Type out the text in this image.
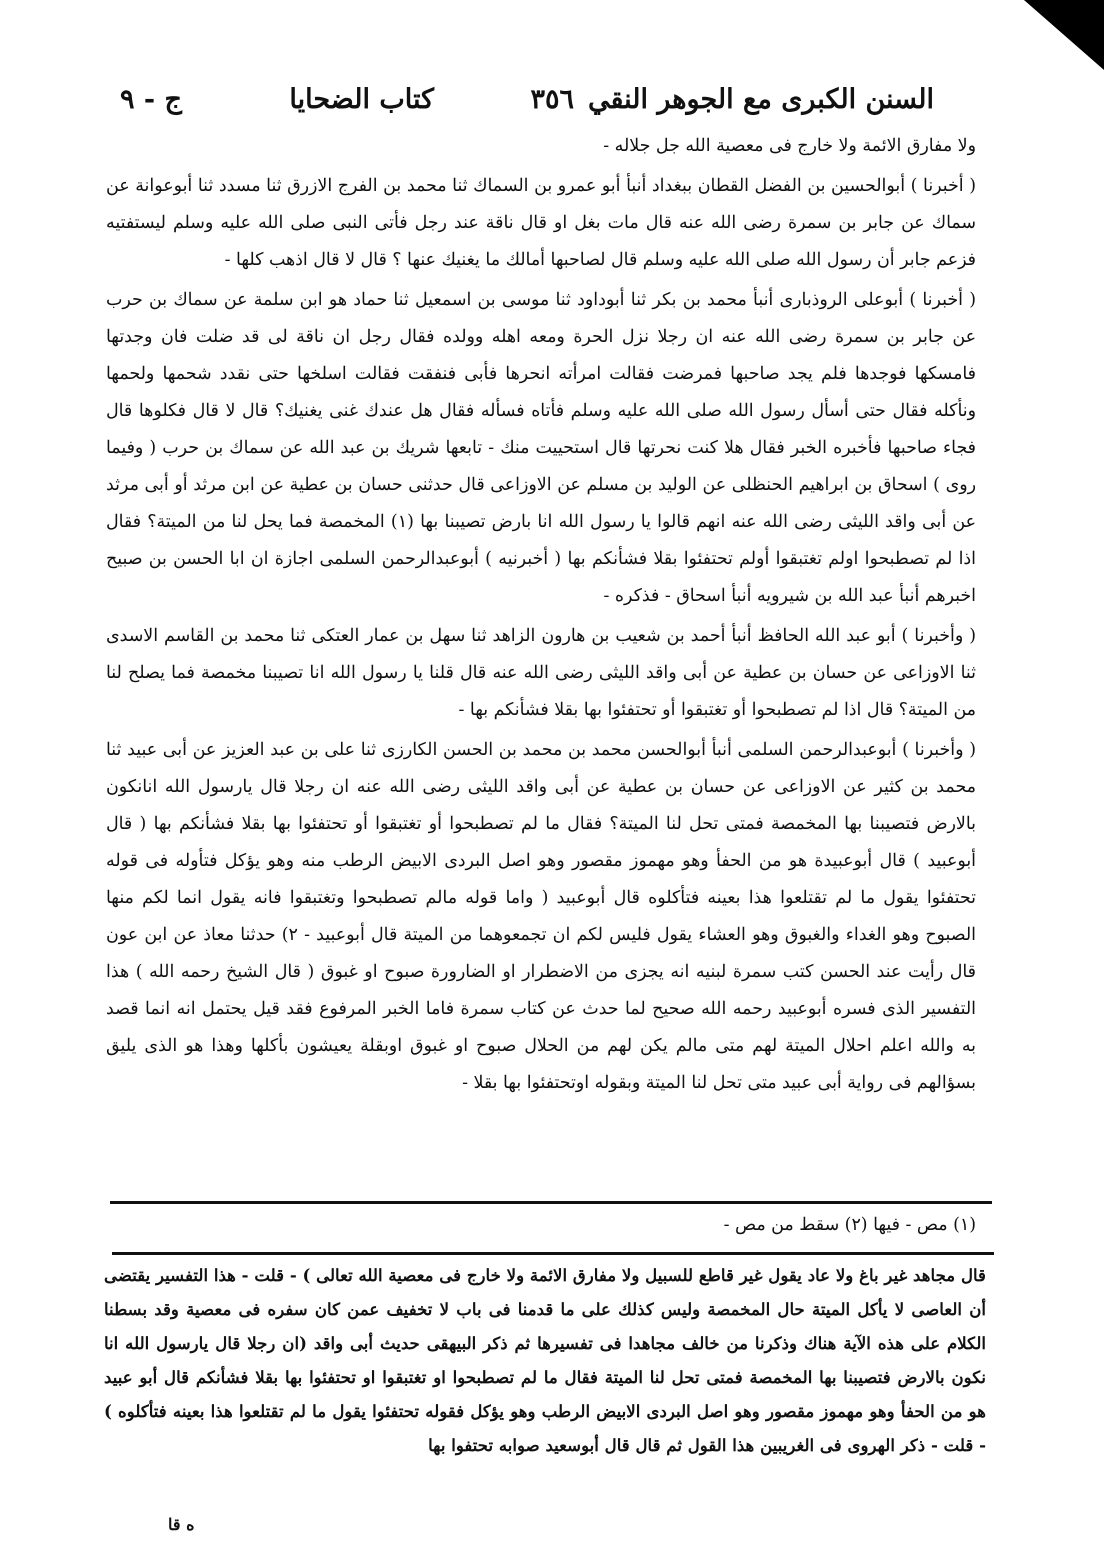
السنن الكبرى مع الجوهر النقي
٣٥٦
كتاب الضحايا
ج - ٩

ولا مفارق الائمة ولا خارج فى معصية الله جل جلاله -

( أخبرنا ) أبوالحسين بن الفضل القطان ببغداد أنبأ أبو عمرو بن السماك ثنا محمد بن الفرج الازرق ثنا مسدد ثنا أبوعوانة عن سماك عن جابر بن سمرة رضى الله عنه قال مات بغل او قال ناقة عند رجل فأتى النبى صلى الله عليه وسلم ليستفتيه فزعم جابر أن رسول الله صلى الله عليه وسلم قال لصاحبها أمالك ما يغنيك عنها ؟ قال لا قال اذهب كلها -

( أخبرنا ) أبوعلى الروذبارى أنبأ محمد بن بكر ثنا أبوداود ثنا موسى بن اسمعيل ثنا حماد هو ابن سلمة عن سماك بن حرب عن جابر بن سمرة رضى الله عنه ان رجلا نزل الحرة ومعه اهله وولده فقال رجل ان ناقة لى قد ضلت فان وجدتها فامسكها فوجدها فلم يجد صاحبها فمرضت فقالت امرأته انحرها فأبى فنفقت فقالت اسلخها حتى نقدد شحمها ولحمها ونأكله فقال حتى أسأل رسول الله صلى الله عليه وسلم فأتاه فسأله فقال هل عندك غنى يغنيك؟ قال لا قال فكلوها قال فجاء صاحبها فأخبره الخبر فقال هلا كنت نحرتها قال استحييت منك - تابعها شريك بن عبد الله عن سماك بن حرب ( وفيما روى ) اسحاق بن ابراهيم الحنظلى عن الوليد بن مسلم عن الاوزاعى قال حدثنى حسان بن عطية عن ابن مرثد أو أبى مرثد عن أبى واقد الليثى رضى الله عنه انهم قالوا يا رسول الله انا بارض تصيبنا بها (١) المخمصة فما يحل لنا من الميتة؟ فقال اذا لم تصطبحوا اولم تغتبقوا أولم تحتفئوا بقلا فشأنكم بها ( أخبرنيه ) أبوعبدالرحمن السلمى اجازة ان ابا الحسن بن صبيح اخبرهم أنبأ عبد الله بن شيرويه أنبأ اسحاق - فذكره -

( وأخبرنا ) أبو عبد الله الحافظ أنبأ أحمد بن شعيب بن هارون الزاهد ثنا سهل بن عمار العتكى ثنا محمد بن القاسم الاسدى ثنا الاوزاعى عن حسان بن عطية عن أبى واقد الليثى رضى الله عنه قال قلنا يا رسول الله انا تصيبنا مخمصة فما يصلح لنا من الميتة؟ قال اذا لم تصطبحوا أو تغتبقوا أو تحتفئوا بها بقلا فشأنكم بها -

( وأخبرنا ) أبوعبدالرحمن السلمى أنبأ أبوالحسن محمد بن محمد بن الحسن الكارزى ثنا على بن عبد العزيز عن أبى عبيد ثنا محمد بن كثير عن الاوزاعى عن حسان بن عطية عن أبى واقد الليثى رضى الله عنه ان رجلا قال يارسول الله انانكون بالارض فتصيبنا بها المخمصة فمتى تحل لنا الميتة؟ فقال ما لم تصطبحوا أو تغتبقوا أو تحتفئوا بها بقلا فشأنكم بها ( قال أبوعبيد ) قال أبوعبيدة هو من الحفأ وهو مهموز مقصور وهو اصل البردى الابيض الرطب منه وهو يؤكل فتأوله فى قوله تحتفئوا يقول ما لم تقتلعوا هذا بعينه فتأكلوه قال أبوعبيد ( واما قوله مالم تصطبحوا وتغتبقوا فانه يقول انما لكم منها الصبوح وهو الغداء والغبوق وهو العشاء يقول فليس لكم ان تجمعوهما من الميتة قال أبوعبيد - ٢) حدثنا معاذ عن ابن عون قال رأيت عند الحسن كتب سمرة لبنيه انه يجزى من الاضطرار او الضارورة صبوح او غبوق ( قال الشيخ رحمه الله ) هذا التفسير الذى فسره أبوعبيد رحمه الله صحيح لما حدث عن كتاب سمرة فاما الخبر المرفوع فقد قيل يحتمل انه انما قصد به والله اعلم احلال الميتة لهم متى مالم يكن لهم من الحلال صبوح او غبوق اوبقلة يعيشون بأكلها وهذا هو الذى يليق بسؤالهم فى رواية أبى عبيد متى تحل لنا الميتة وبقوله اوتحتفئوا بها بقلا -

(١) مص - فيها (٢) سقط من مص -
قال مجاهد غير باغ ولا عاد يقول غير قاطع للسبيل ولا مفارق الائمة ولا خارج فى معصية الله تعالى ) - قلت - هذا التفسير يقتضى أن العاصى لا يأكل الميتة حال المخمصة وليس كذلك على ما قدمنا فى باب لا تخفيف عمن كان سفره فى معصية وقد بسطنا الكلام على هذه الآية هناك وذكرنا من خالف مجاهدا فى تفسيرها ثم ذكر البيهقى حديث أبى واقد (ان رجلا قال يارسول الله انا نكون بالارض فتصيبنا بها المخمصة فمتى تحل لنا الميتة فقال ما لم تصطبحوا او تغتبقوا او تحتفئوا بها بقلا فشأنكم قال أبو عبيد هو من الحفأ وهو مهموز مقصور وهو اصل البردى الابيض الرطب وهو يؤكل فقوله تحتفئوا يقول ما لم تقتلعوا هذا بعينه فتأكلوه ) - قلت - ذكر الهروى فى الغريبين هذا القول ثم قال قال أبوسعيد صوابه تحتفوا بها
ه قا
